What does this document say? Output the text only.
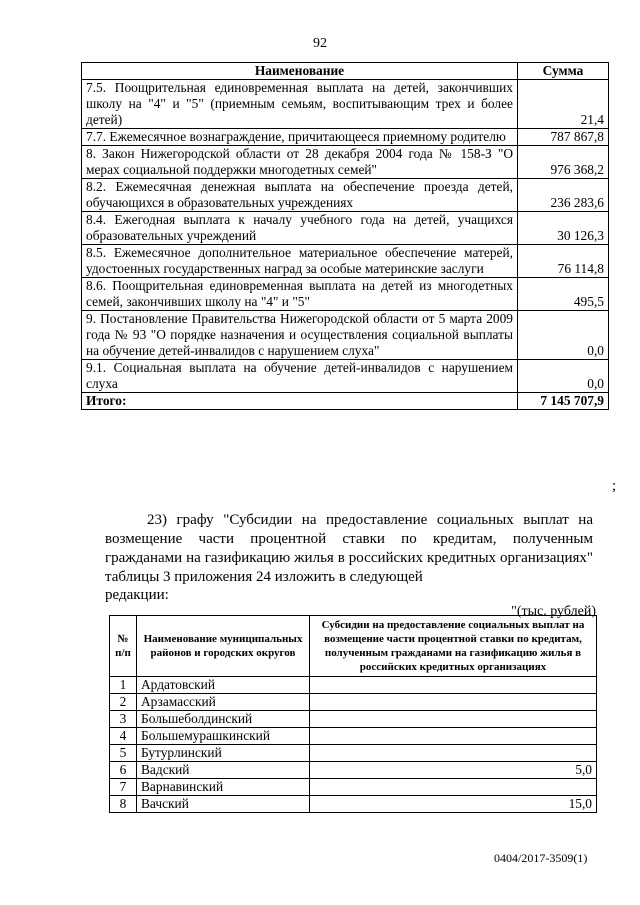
92
Наименование	Сумма
7.5. Поощрительная единовременная выплата на детей, закончивших школу на "4" и "5" (приемным семьям, воспитывающим трех и более детей)	21,4
7.7. Ежемесячное вознаграждение, причитающееся приемному родителю	787 867,8
8. Закон Нижегородской области от 28 декабря 2004 года № 158-З "О мерах социальной поддержки многодетных семей"	976 368,2
8.2. Ежемесячная денежная выплата на обеспечение проезда детей, обучающихся в образовательных учреждениях	236 283,6
8.4. Ежегодная выплата к началу учебного года на детей, учащихся образовательных учреждений	30 126,3
8.5. Ежемесячное дополнительное материальное обеспечение матерей, удостоенных государственных наград за особые материнские заслуги	76 114,8
8.6. Поощрительная единовременная выплата на детей из многодетных семей, закончивших школу на "4" и "5"	495,5
9. Постановление Правительства Нижегородской области от 5 марта 2009 года № 93 "О порядке назначения и осуществления социальной выплаты на обучение детей-инвалидов с нарушением слуха"	0,0
9.1. Социальная выплата на обучение детей-инвалидов с нарушением слуха	0,0
Итого:	7 145 707,9
;
23) графу "Субсидии на предоставление социальных выплат на возмещение части процентной ставки по кредитам, полученным гражданами на газификацию жилья в российских кредитных организациях" таблицы 3 приложения 24 изложить в следующей
редакции:
"(тыс. рублей)
№ п/п	Наименование муниципальных районов и городских округов	Субсидии на предоставление социальных выплат на возмещение части процентной ставки по кредитам, полученным гражданами на газификацию жилья в российских кредитных организациях
1	Ардатовский	
2	Арзамасский	
3	Большеболдинский	
4	Большемурашкинский	
5	Бутурлинский	
6	Вадский	5,0
7	Варнавинский	
8	Вачский	15,0
0404/2017-3509(1)
